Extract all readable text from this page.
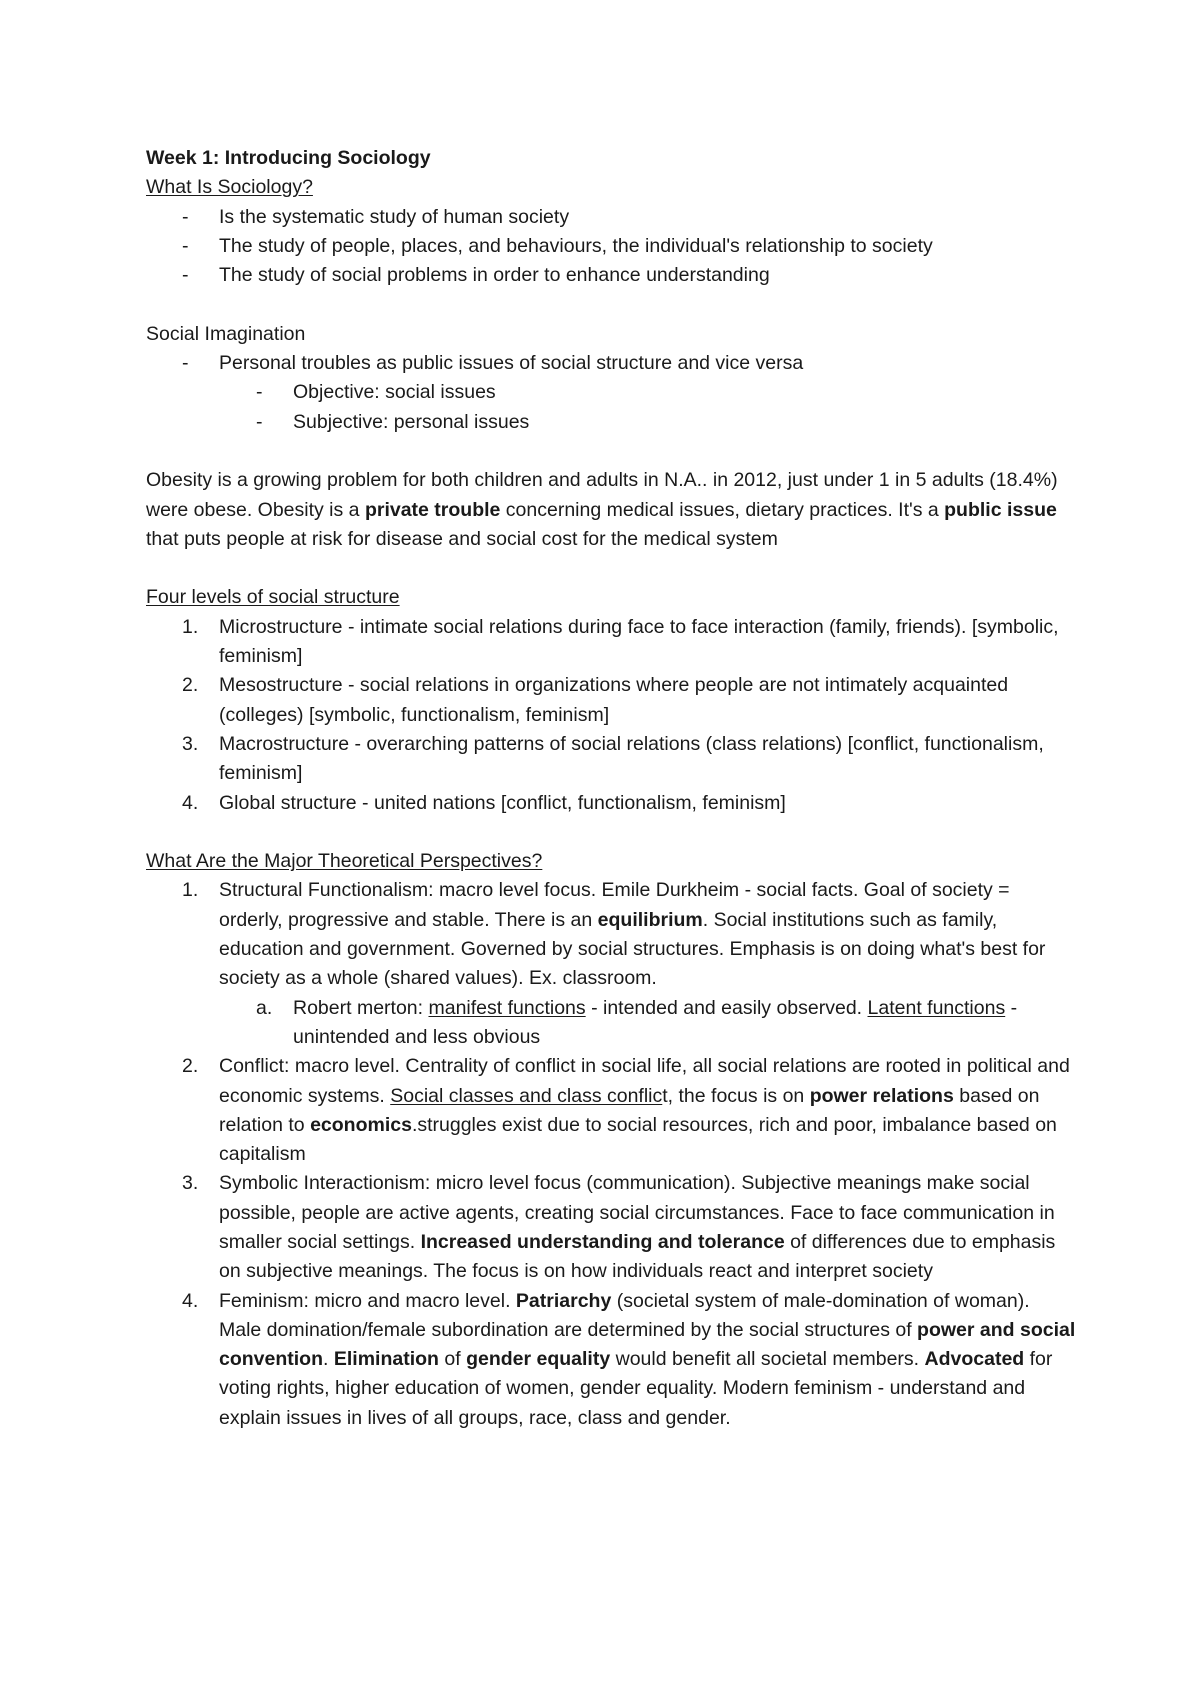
Week 1: Introducing Sociology

What Is Sociology?

- Is the systematic study of human society
- The study of people, places, and behaviours, the individual's relationship to society
- The study of social problems in order to enhance understanding

Social Imagination

- Personal troubles as public issues of social structure and vice versa
- Objective: social issues
- Subjective: personal issues

Obesity is a growing problem for both children and adults in N.A.. in 2012, just under 1 in 5 adults (18.4%) were obese. Obesity is a private trouble concerning medical issues, dietary practices. It's a public issue that puts people at risk for disease and social cost for the medical system

Four levels of social structure

1. Microstructure - intimate social relations during face to face interaction (family, friends). [symbolic, feminism]
2. Mesostructure - social relations in organizations where people are not intimately acquainted (colleges) [symbolic, functionalism, feminism]
3. Macrostructure - overarching patterns of social relations (class relations) [conflict, functionalism, feminism]
4. Global structure - united nations [conflict, functionalism, feminism]

What Are the Major Theoretical Perspectives?

1. Structural Functionalism: macro level focus. Emile Durkheim - social facts. Goal of society = orderly, progressive and stable. There is an equilibrium. Social institutions such as family, education and government. Governed by social structures. Emphasis is on doing what's best for society as a whole (shared values). Ex. classroom.
a. Robert merton: manifest functions - intended and easily observed. Latent functions - unintended and less obvious
2. Conflict: macro level. Centrality of conflict in social life, all social relations are rooted in political and economic systems. Social classes and class conflict, the focus is on power relations based on relation to economics.struggles exist due to social resources, rich and poor, imbalance based on capitalism
3. Symbolic Interactionism: micro level focus (communication). Subjective meanings make social possible, people are active agents, creating social circumstances. Face to face communication in smaller social settings. Increased understanding and tolerance of differences due to emphasis on subjective meanings. The focus is on how individuals react and interpret society
4. Feminism: micro and macro level. Patriarchy (societal system of male-domination of woman). Male domination/female subordination are determined by the social structures of power and social convention. Elimination of gender equality would benefit all societal members. Advocated for voting rights, higher education of women, gender equality. Modern feminism - understand and explain issues in lives of all groups, race, class and gender.
